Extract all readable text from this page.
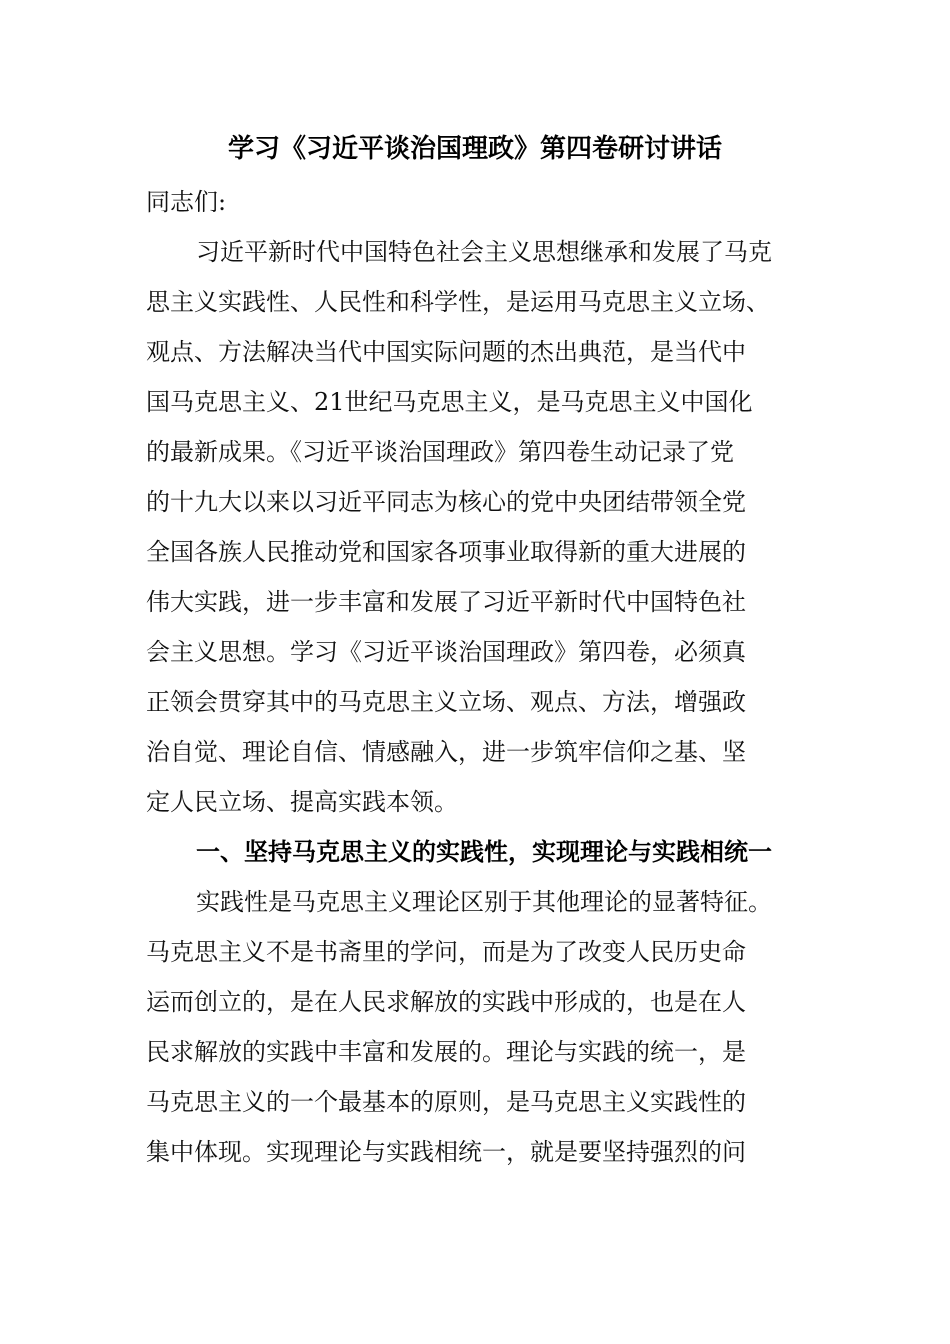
学习《习近平谈治国理政》第四卷研讨讲话
同志们:
习近平新时代中国特色社会主义思想继承和发展了马克
思主义实践性、人民性和科学性，是运用马克思主义立场、
观点、方法解决当代中国实际问题的杰出典范，是当代中
国马克思主义、21世纪马克思主义，是马克思主义中国化
的最新成果。《习近平谈治国理政》第四卷生动记录了党
的十九大以来以习近平同志为核心的党中央团结带领全党
全国各族人民推动党和国家各项事业取得新的重大进展的
伟大实践，进一步丰富和发展了习近平新时代中国特色社
会主义思想。学习《习近平谈治国理政》第四卷，必须真
正领会贯穿其中的马克思主义立场、观点、方法，增强政
治自觉、理论自信、情感融入，进一步筑牢信仰之基、坚
定人民立场、提高实践本领。
一、坚持马克思主义的实践性，实现理论与实践相统一
实践性是马克思主义理论区别于其他理论的显著特征。
马克思主义不是书斋里的学问，而是为了改变人民历史命
运而创立的，是在人民求解放的实践中形成的，也是在人
民求解放的实践中丰富和发展的。理论与实践的统一，是
马克思主义的一个最基本的原则，是马克思主义实践性的
集中体现。实现理论与实践相统一，就是要坚持强烈的问
